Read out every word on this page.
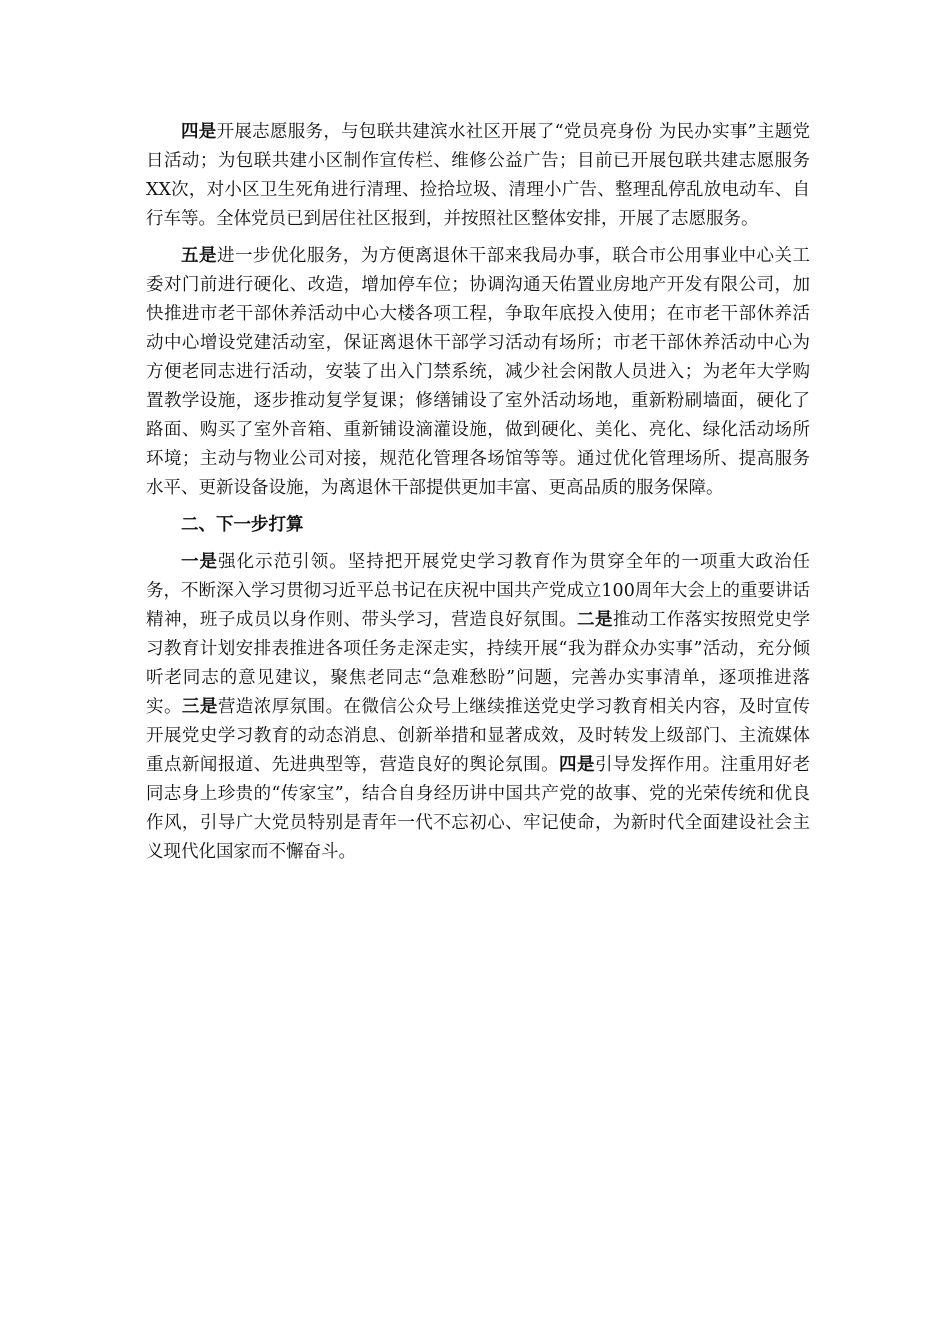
四是开展志愿服务，与包联共建滨水社区开展了“党员亮身份 为民办实事”主题党日活动；为包联共建小区制作宣传栏、维修公益广告；目前已开展包联共建志愿服务XX次，对小区卫生死角进行清理、捡拾垃圾、清理小广告、整理乱停乱放电动车、自行车等。全体党员已到居住社区报到，并按照社区整体安排，开展了志愿服务。

五是进一步优化服务，为方便离退休干部来我局办事，联合市公用事业中心关工委对门前进行硬化、改造，增加停车位；协调沟通天佑置业房地产开发有限公司，加快推进市老干部休养活动中心大楼各项工程，争取年底投入使用；在市老干部休养活动中心增设党建活动室，保证离退休干部学习活动有场所；市老干部休养活动中心为方便老同志进行活动，安装了出入门禁系统，减少社会闲散人员进入；为老年大学购置教学设施，逐步推动复学复课；修缮铺设了室外活动场地，重新粉刷墙面，硬化了路面、购买了室外音箱、重新铺设滴灌设施，做到硬化、美化、亮化、绿化活动场所环境；主动与物业公司对接，规范化管理各场馆等等。通过优化管理场所、提高服务水平、更新设备设施，为离退休干部提供更加丰富、更高品质的服务保障。

二、下一步打算

一是强化示范引领。坚持把开展党史学习教育作为贯穿全年的一项重大政治任务，不断深入学习贯彻习近平总书记在庆祝中国共产党成立100周年大会上的重要讲话精神，班子成员以身作则、带头学习，营造良好氛围。二是推动工作落实按照党史学习教育计划安排表推进各项任务走深走实，持续开展“我为群众办实事”活动，充分倾听老同志的意见建议，聚焦老同志“急难愁盼”问题，完善办实事清单，逐项推进落实。三是营造浓厚氛围。在微信公众号上继续推送党史学习教育相关内容，及时宣传开展党史学习教育的动态消息、创新举措和显著成效，及时转发上级部门、主流媒体重点新闻报道、先进典型等，营造良好的舆论氛围。四是引导发挥作用。注重用好老同志身上珍贵的“传家宝”，结合自身经历讲中国共产党的故事、党的光荣传统和优良作风，引导广大党员特别是青年一代不忘初心、牢记使命，为新时代全面建设社会主义现代化国家而不懈奋斗。
